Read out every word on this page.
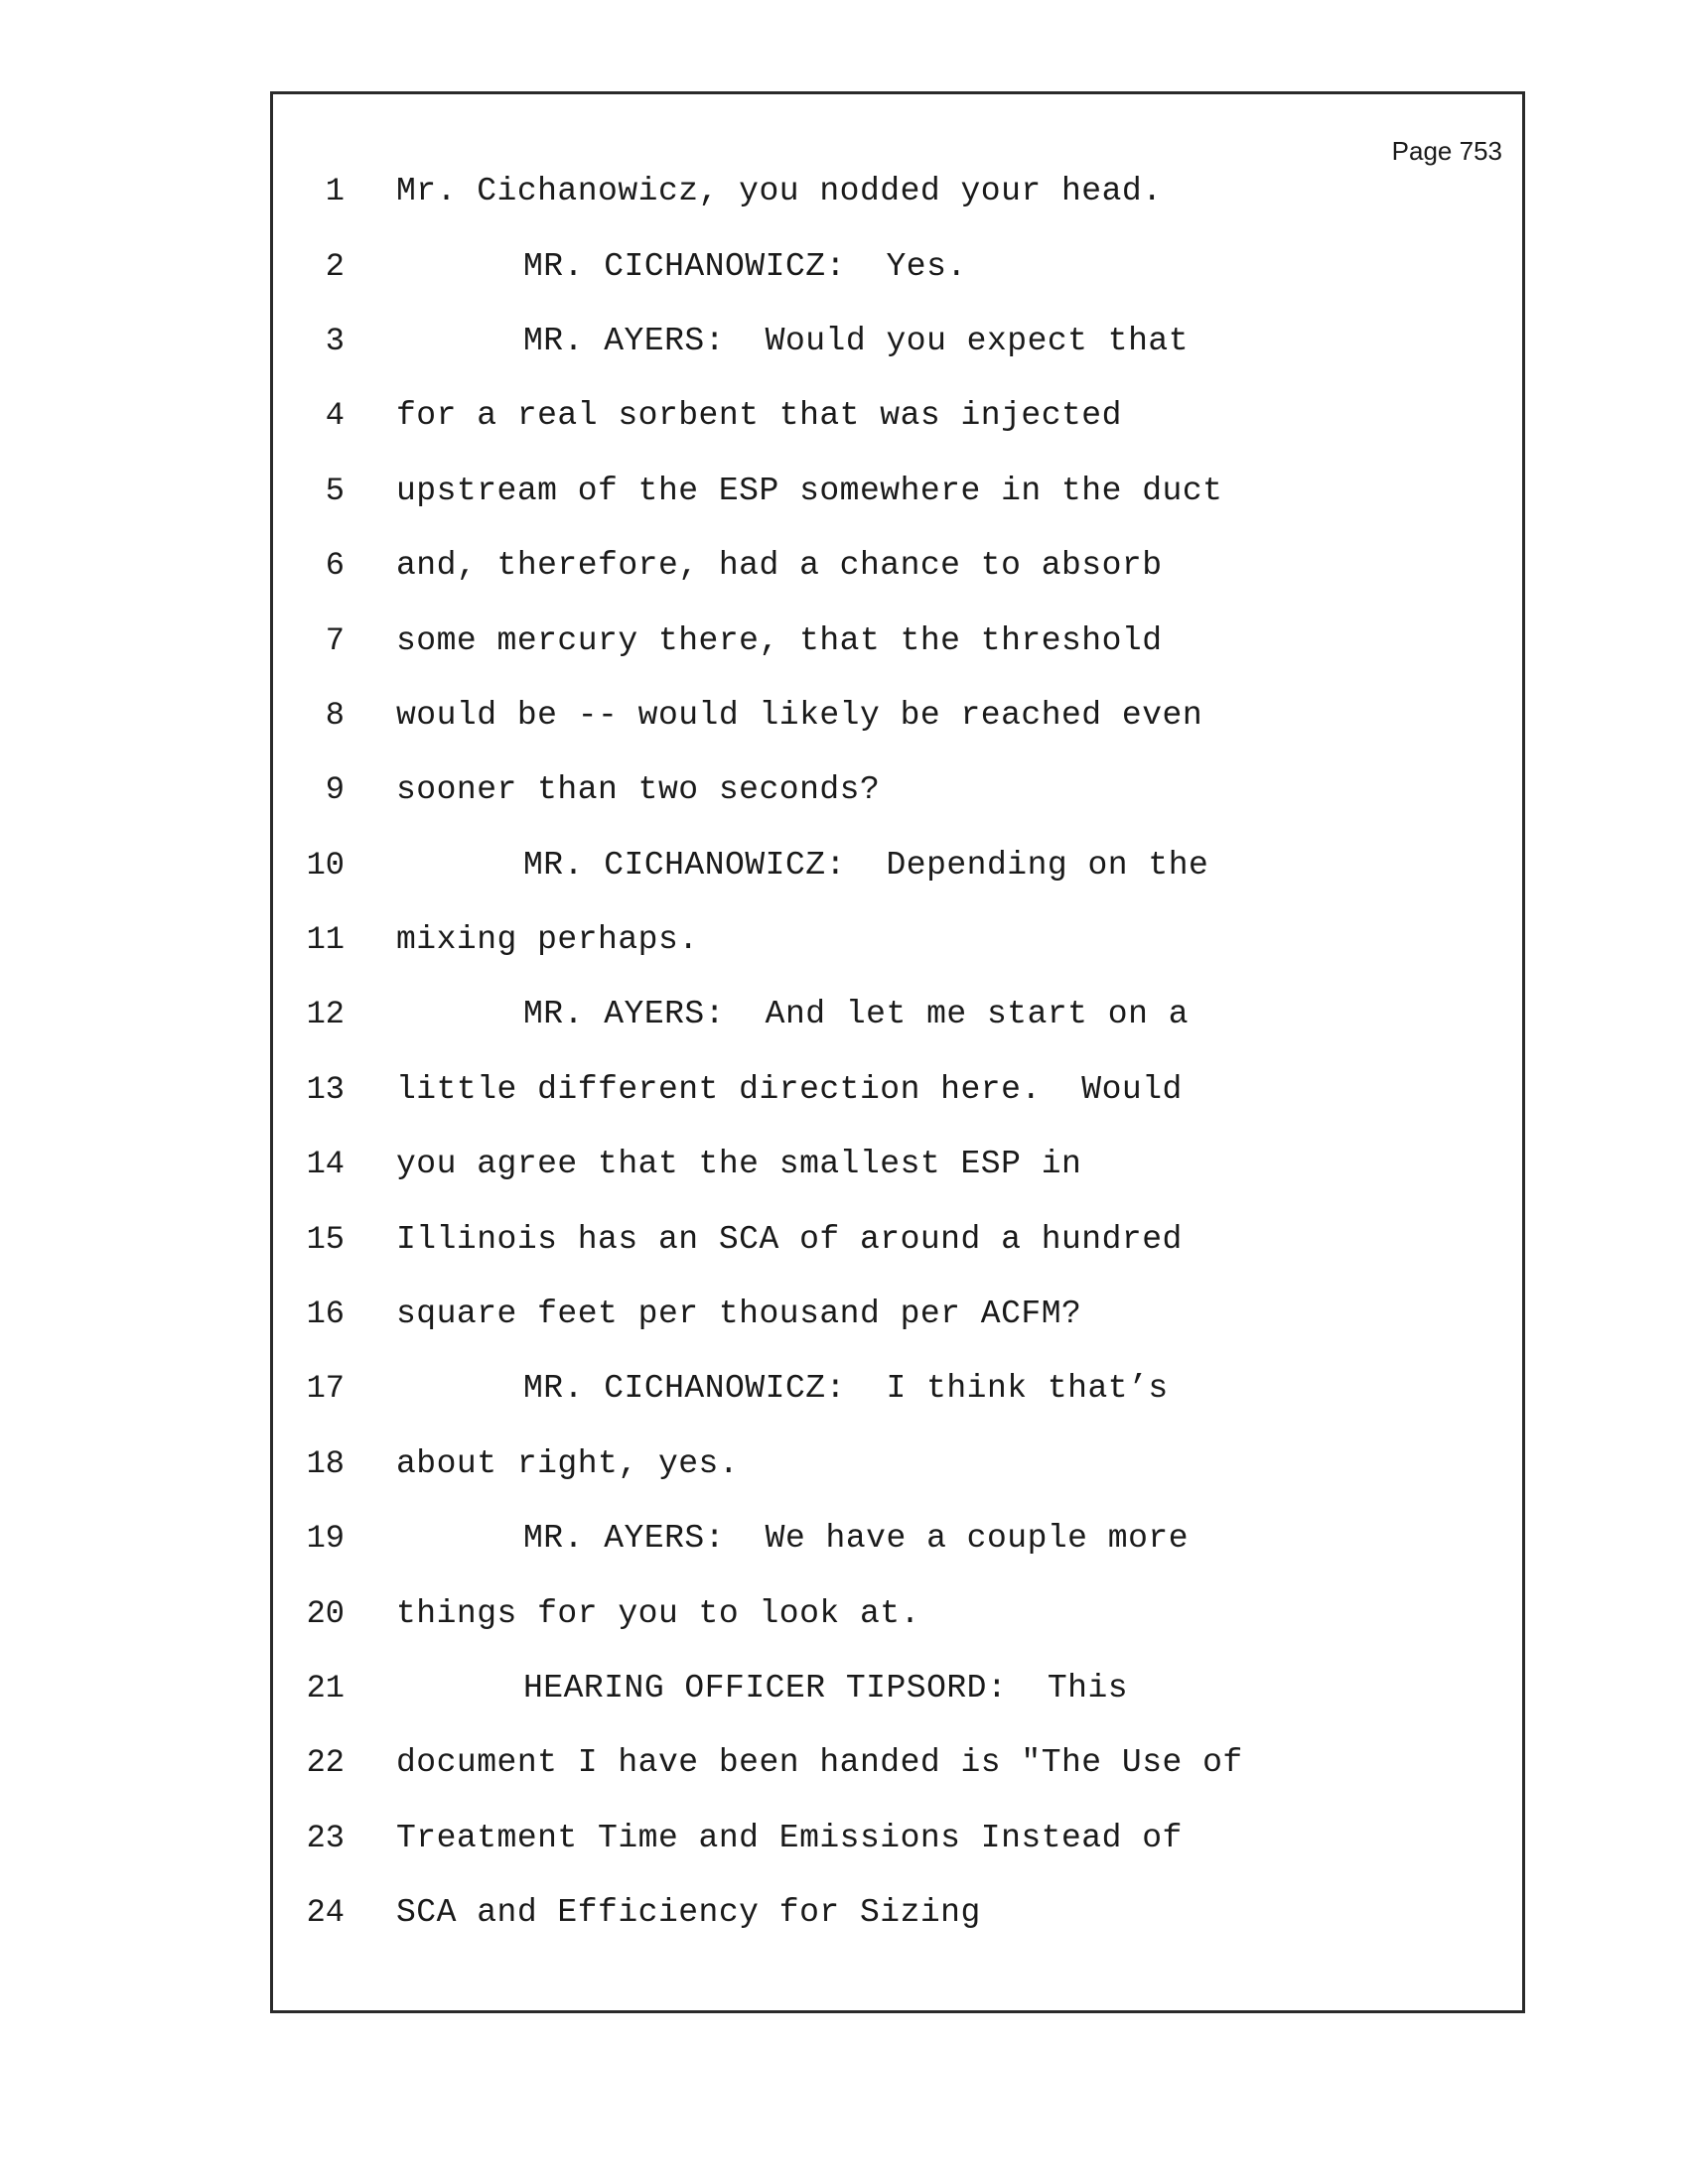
Page 753
1 Mr. Cichanowicz, you nodded your head.
2	MR. CICHANOWICZ:  Yes.
3	MR. AYERS:  Would you expect that
4 for a real sorbent that was injected
5 upstream of the ESP somewhere in the duct
6 and, therefore, had a chance to absorb
7 some mercury there, that the threshold
8 would be -- would likely be reached even
9 sooner than two seconds?
10	MR. CICHANOWICZ:  Depending on the
11 mixing perhaps.
12	MR. AYERS:  And let me start on a
13 little different direction here.  Would
14 you agree that the smallest ESP in
15 Illinois has an SCA of around a hundred
16 square feet per thousand per ACFM?
17	MR. CICHANOWICZ:  I think that’s
18 about right, yes.
19	MR. AYERS:  We have a couple more
20 things for you to look at.
21	HEARING OFFICER TIPSORD:  This
22 document I have been handed is "The Use of
23 Treatment Time and Emissions Instead of
24 SCA and Efficiency for Sizing
